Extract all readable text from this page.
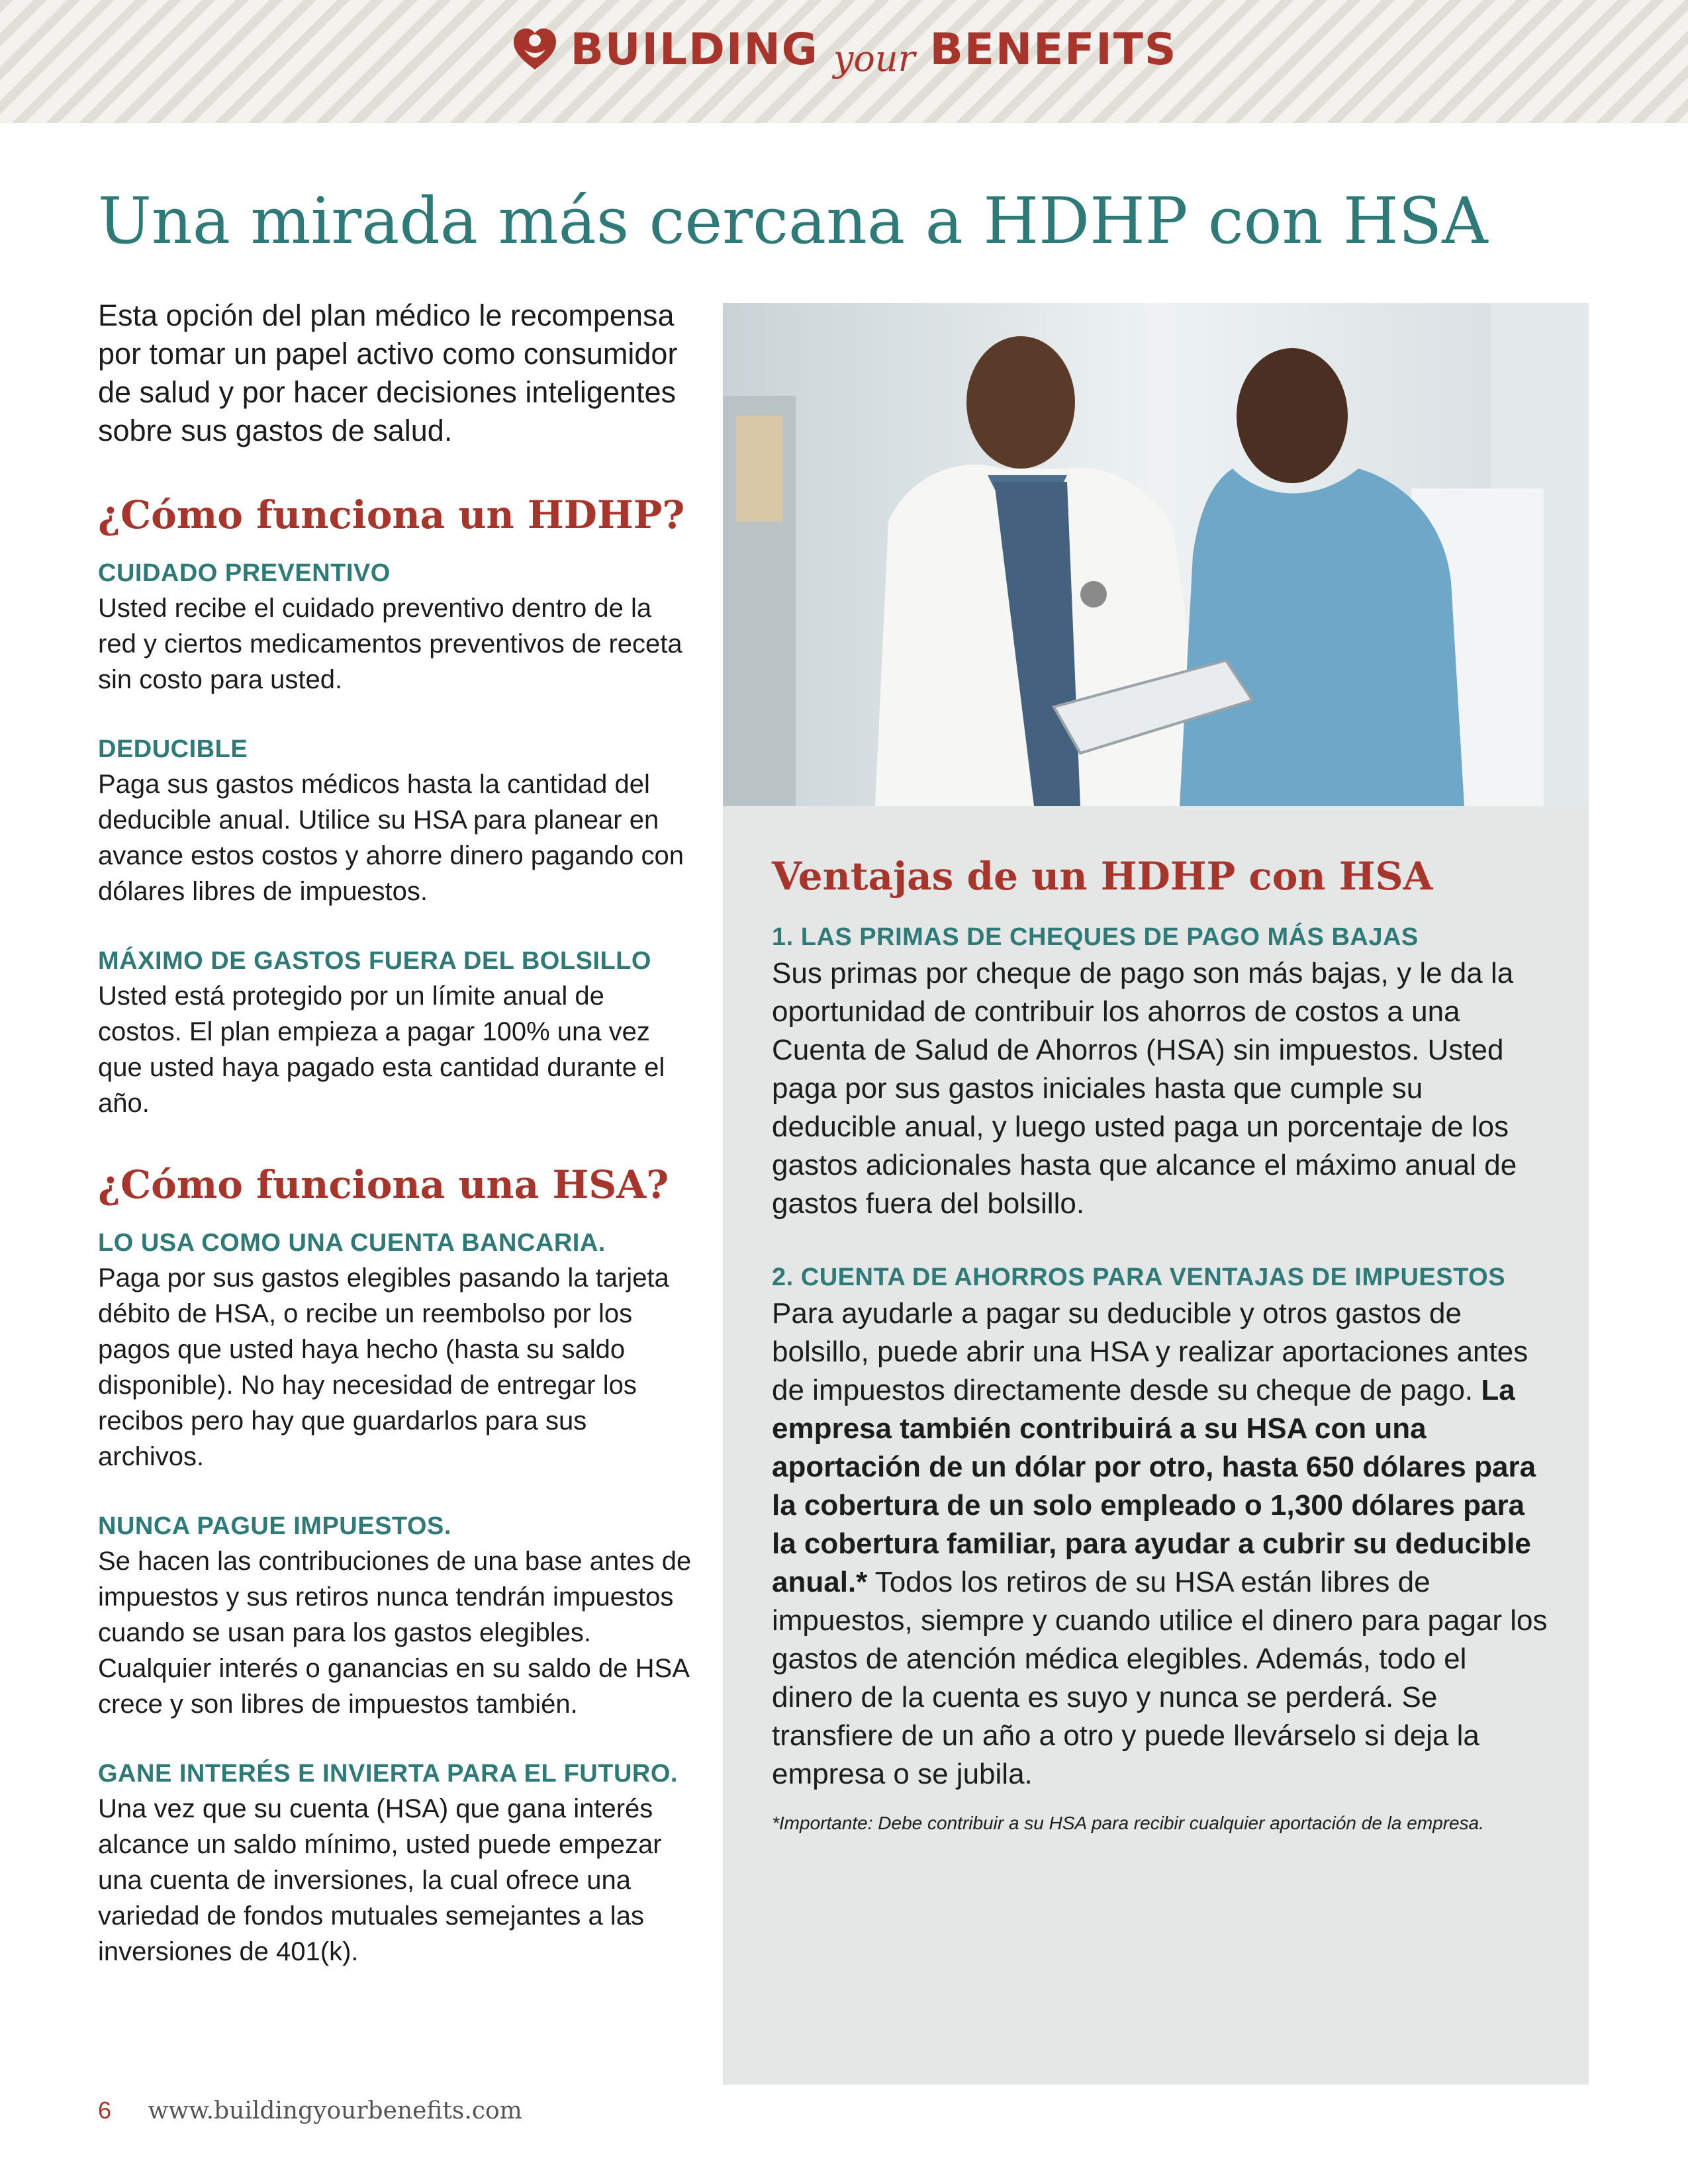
BUILDING your BENEFITS
Una mirada más cercana a HDHP con HSA

Esta opción del plan médico le recompensa por tomar un papel activo como consumidor de salud y por hacer decisiones inteligentes sobre sus gastos de salud.

¿Cómo funciona un HDHP?
CUIDADO PREVENTIVO

Usted recibe el cuidado preventivo dentro de la red y ciertos medicamentos preventivos de receta sin costo para usted.

DEDUCIBLE

Paga sus gastos médicos hasta la cantidad del deducible anual. Utilice su HSA para planear en avance estos costos y ahorre dinero pagando con dólares libres de impuestos.

MÁXIMO DE GASTOS FUERA DEL BOLSILLO

Usted está protegido por un límite anual de costos. El plan empieza a pagar 100% una vez que usted haya pagado esta cantidad durante el año.

¿Cómo funciona una HSA?
LO USA COMO UNA CUENTA BANCARIA.

Paga por sus gastos elegibles pasando la tarjeta débito de HSA, o recibe un reembolso por los pagos que usted haya hecho (hasta su saldo disponible). No hay necesidad de entregar los recibos pero hay que guardarlos para sus archivos.

NUNCA PAGUE IMPUESTOS.

Se hacen las contribuciones de una base antes de impuestos y sus retiros nunca tendrán impuestos cuando se usan para los gastos elegibles. Cualquier interés o ganancias en su saldo de HSA crece y son libres de impuestos también.

GANE INTERÉS E INVIERTA PARA EL FUTURO.

Una vez que su cuenta (HSA) que gana interés alcance un saldo mínimo, usted puede empezar una cuenta de inversiones, la cual ofrece una variedad de fondos mutuales semejantes a las inversiones de 401(k).

Ventajas de un HDHP con HSA
1. LAS PRIMAS DE CHEQUES DE PAGO MÁS BAJAS

Sus primas por cheque de pago son más bajas, y le da la oportunidad de contribuir los ahorros de costos a una Cuenta de Salud de Ahorros (HSA) sin impuestos. Usted paga por sus gastos iniciales hasta que cumple su deducible anual, y luego usted paga un porcentaje de los gastos adicionales hasta que alcance el máximo anual de gastos fuera del bolsillo.

2. CUENTA DE AHORROS PARA VENTAJAS DE IMPUESTOS

Para ayudarle a pagar su deducible y otros gastos de bolsillo, puede abrir una HSA y realizar aportaciones antes de impuestos directamente desde su cheque de pago. La empresa también contribuirá a su HSA con una aportación de un dólar por otro, hasta 650 dólares para la cobertura de un solo empleado o 1,300 dólares para la cobertura familiar, para ayudar a cubrir su deducible anual.* Todos los retiros de su HSA están libres de impuestos, siempre y cuando utilice el dinero para pagar los gastos de atención médica elegibles. Además, todo el dinero de la cuenta es suyo y nunca se perderá. Se transfiere de un año a otro y puede llevárselo si deja la empresa o se jubila.

*Importante: Debe contribuir a su HSA para recibir cualquier aportación de la empresa.

6 www.buildingyourbenefits.com
